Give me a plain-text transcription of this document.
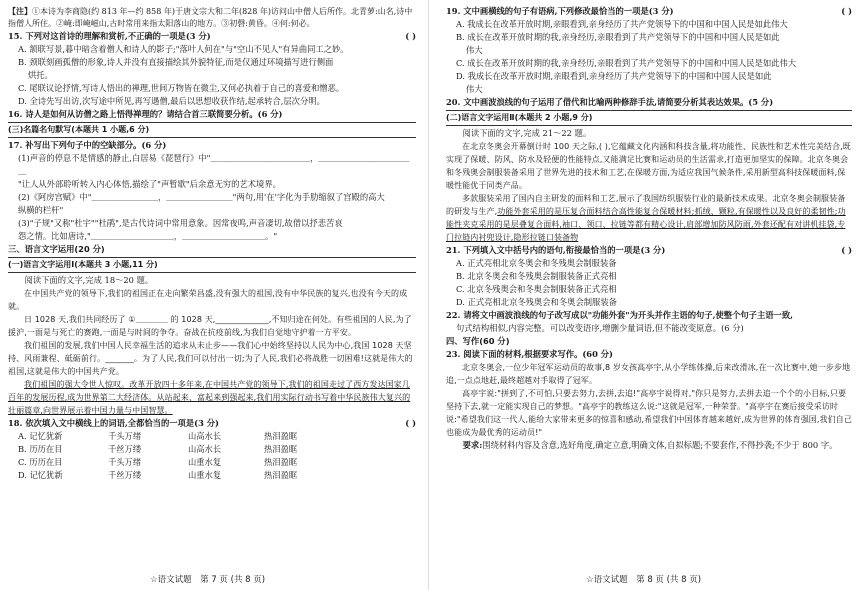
【注】①本诗为李商隐(约 813 年—约 858 年)于唐文宗大和二年(828 年)访问山中僧人后所作。北青萝:山名,诗中指僧人所住。②崦:即崦嵫山,古时常用来指太阳落山的地方。③初磬:黄昏。④何:何必。

15. 下列对这首诗的理解和赏析,不正确的一项是(3 分)	( )

A. 颔联写景,暮中暗含着僧人和诗人的影子;"落叶人何在"与"空山不见人"有异曲同工之妙。

B. 颈联刻画孤僧的形象,诗人并没有直接描绘其外貌特征,而是仅通过环境描写进行侧面

烘托。

C. 尾联议论抒情,写诗人悟出的禅理,世间万物皆在微尘,又何必执着于自己的喜爱和憎恶。

D. 全诗先写出访,次写途中所见,再写遇僧,最后以思想收获作结,起承转合,层次分明。

16. 诗人是如何从访僧之路上悟得禅理的？请结合首三联简要分析。(6 分)

(三)名篇名句默写(本题共 1 小题,6 分)

17. 补写出下列句子中的空缺部分。(6 分)

(1)声音的停息不是情感的静止,白居易《琵琶行》中"＿＿＿＿＿＿＿＿＿＿＿＿，＿＿＿＿＿＿＿＿＿＿＿＿

"让人从外部聆听转入内心体悟,描绘了"声暂歇"后余意无穷的艺术境界。

(2)《阿房宫赋》中"＿＿＿＿＿＿＿＿，＿＿＿＿＿＿＿＿"两句,用'在'字化为手肋缩叙了宫殿的高大

纵横的栏杆"

(3)"子规"又称"杜宇""杜鹃",是古代诗词中常用意象。因常夜鸣,声音凄切,故借以抒悲苦哀

怨之情。比如唐诗,"＿＿＿＿＿＿＿＿＿＿，＿＿＿＿＿＿＿＿＿＿。"

三、语言文字运用(20 分)

(一)语言文字运用Ⅰ(本题共 3 小题,11 分)

阅读下面的文字,完成 18～20 题。

在中国共产党的领导下,我们的祖国正在走向繁荣昌盛,没有强大的祖国,没有中华民族的复兴,也没有今天的成就。

日 1028 天,我们共同经历了 ①＿＿＿＿ 的 1028 天,_____________,不知归途在何处。有些祖国的人民,为了援沪,一面是与死亡的赛跑,一面是与时间的争夺。奋战在抗疫前线,为我们自觉地守护着一方平安。

我们祖国的发展,我们中国人民幸福生活的追求从未止步——我们心中始终坚持以人民为中心,我国 1028 天坚持、风雨兼程、砥砺前行。_______。为了人民,我们可以付出一切;为了人民,我们必将战胜一切困难!这就是伟大的祖国,这就是伟大的中国共产党。

我们祖国的强大令世人惊叹。改革开放四十多年来,在中国共产党的领导下,我们的祖国走过了西方发达国家几百年的发展历程,成为世界第二大经济体。从站起来、富起来到强起来,我们用实际行动书写着中华民族伟大复兴的壮丽篇章,向世界展示着中国力量与中国智慧。

18. 依次填入文中横线上的词语,全都恰当的一项是(3 分)	( )

A. 记忆犹新	千头万绪	山高水长	热泪盈眶
B. 历历在目	千丝万缕	山高水长	热泪盈眶
C. 历历在目	千头万绪	山重水复	热泪盈眶
D. 记忆犹新	千丝万缕	山重水复	热泪盈眶
☆语文试题　第 7 页 (共 8 页)

19. 文中画横线的句子有语病,下列修改最恰当的一项是(3 分)	( )

A. 我成长在改革开放时期,亲眼看到,亲身经历了共产党领导下的中国和中国人民是如此伟大

B. 成长在改革开放时期的我,亲身经历,亲眼看到了共产党领导下的中国和中国人民是如此

伟大

C. 成长在改革开放时期的我,亲身经历,亲眼看到了共产党领导下的中国和中国人民是如此伟大

D. 我成长在改革开放时期,亲眼看到,亲身经历了共产党领导下的中国和中国人民是如此

伟大

20. 文中画波浪线的句子运用了借代和比喻两种修辞手法,请简要分析其表达效果。(5 分)

(二)语言文字运用Ⅱ(本题共 2 小题,9 分)

阅读下面的文字,完成 21～22 题。

在北京冬奥会开幕倒计时 100 天之际,( ),它蕴藏文化内涵和科技含量,将功能性、民族性和艺术性完美结合,既实现了保暖、防风、防水及轻便的性能特点,又能满足比赛和运动员的生活需求,打造更加坚实的保障。北京冬奥会和冬残奥会制服装备采用了世界先进的技术和工艺,在保暖方面,为适应我国气候条件,采用新型高科技保暖面料,保暖性能优于同类产品。

多款服装采用了国内自主研发的面料和工艺,展示了我国纺织服装行业的最新技术成果。北京冬奥会制服装备的研发与生产,功能外套采用的是压复合面料结合高性能复合保暖材料;抓绒、颗粒,有保暖性以及良好的柔韧性;功能性夹克采用的是层叠复合面料,袖口、领口、拉链等都有精心设计,肩部增加防风防雨,外套还配有对讲机挂袋,专门拉链内衬兜设计,隐形拉链口装备物

21. 下列填入文中括号内的语句,衔接最恰当的一项是(3 分)	( )

A. 正式亮相北京冬奥会和冬残奥会制服装备

B. 北京冬奥会和冬残奥会制服装备正式亮相

C. 北京冬残奥会和冬奥会制服装备正式亮相

D. 正式亮相北京冬残奥会和冬奥会制服装备

22. 请将文中画波浪线的句子改写成以"功能外套"为开头并作主语的句子,使整个句子主语一致,

句式结构相似,内容完整。可以改变语序,增删少量词语,但不能改变原意。(6 分)

四、写作(60 分)

23. 阅读下面的材料,根据要求写作。(60 分)

北京冬奥会,一位少年冠军运动员的故事,8 岁女孩高亭宇,从小学练体操,后来改滑冰,在一次比赛中,她一步步地追,一点点地赶,最终超越对手取得了冠军。

高亭宇说:"拼到了,不可怕,只要去努力,去拼,去追!"高亭宇说得对,"你只是努力,去拼去追一个个的小目标,只要坚持下去,就一定能实现自己的梦想。"高亭宇的教练这么说:"这就是冠军,一种荣誉。"高亭宇在赛后接受采访时说:"希望我们这一代人,能给大家带来更多的惊喜和感动,希望我们中国体育越来越好,成为世界的体育强国,我们自己也能成为最优秀的运动员!"

要求:围绕材料内容及含意,选好角度,确定立意,明确文体,自拟标题;不要套作,不得抄袭;不少于 800 字。

☆语文试题　第 8 页 (共 8 页)
